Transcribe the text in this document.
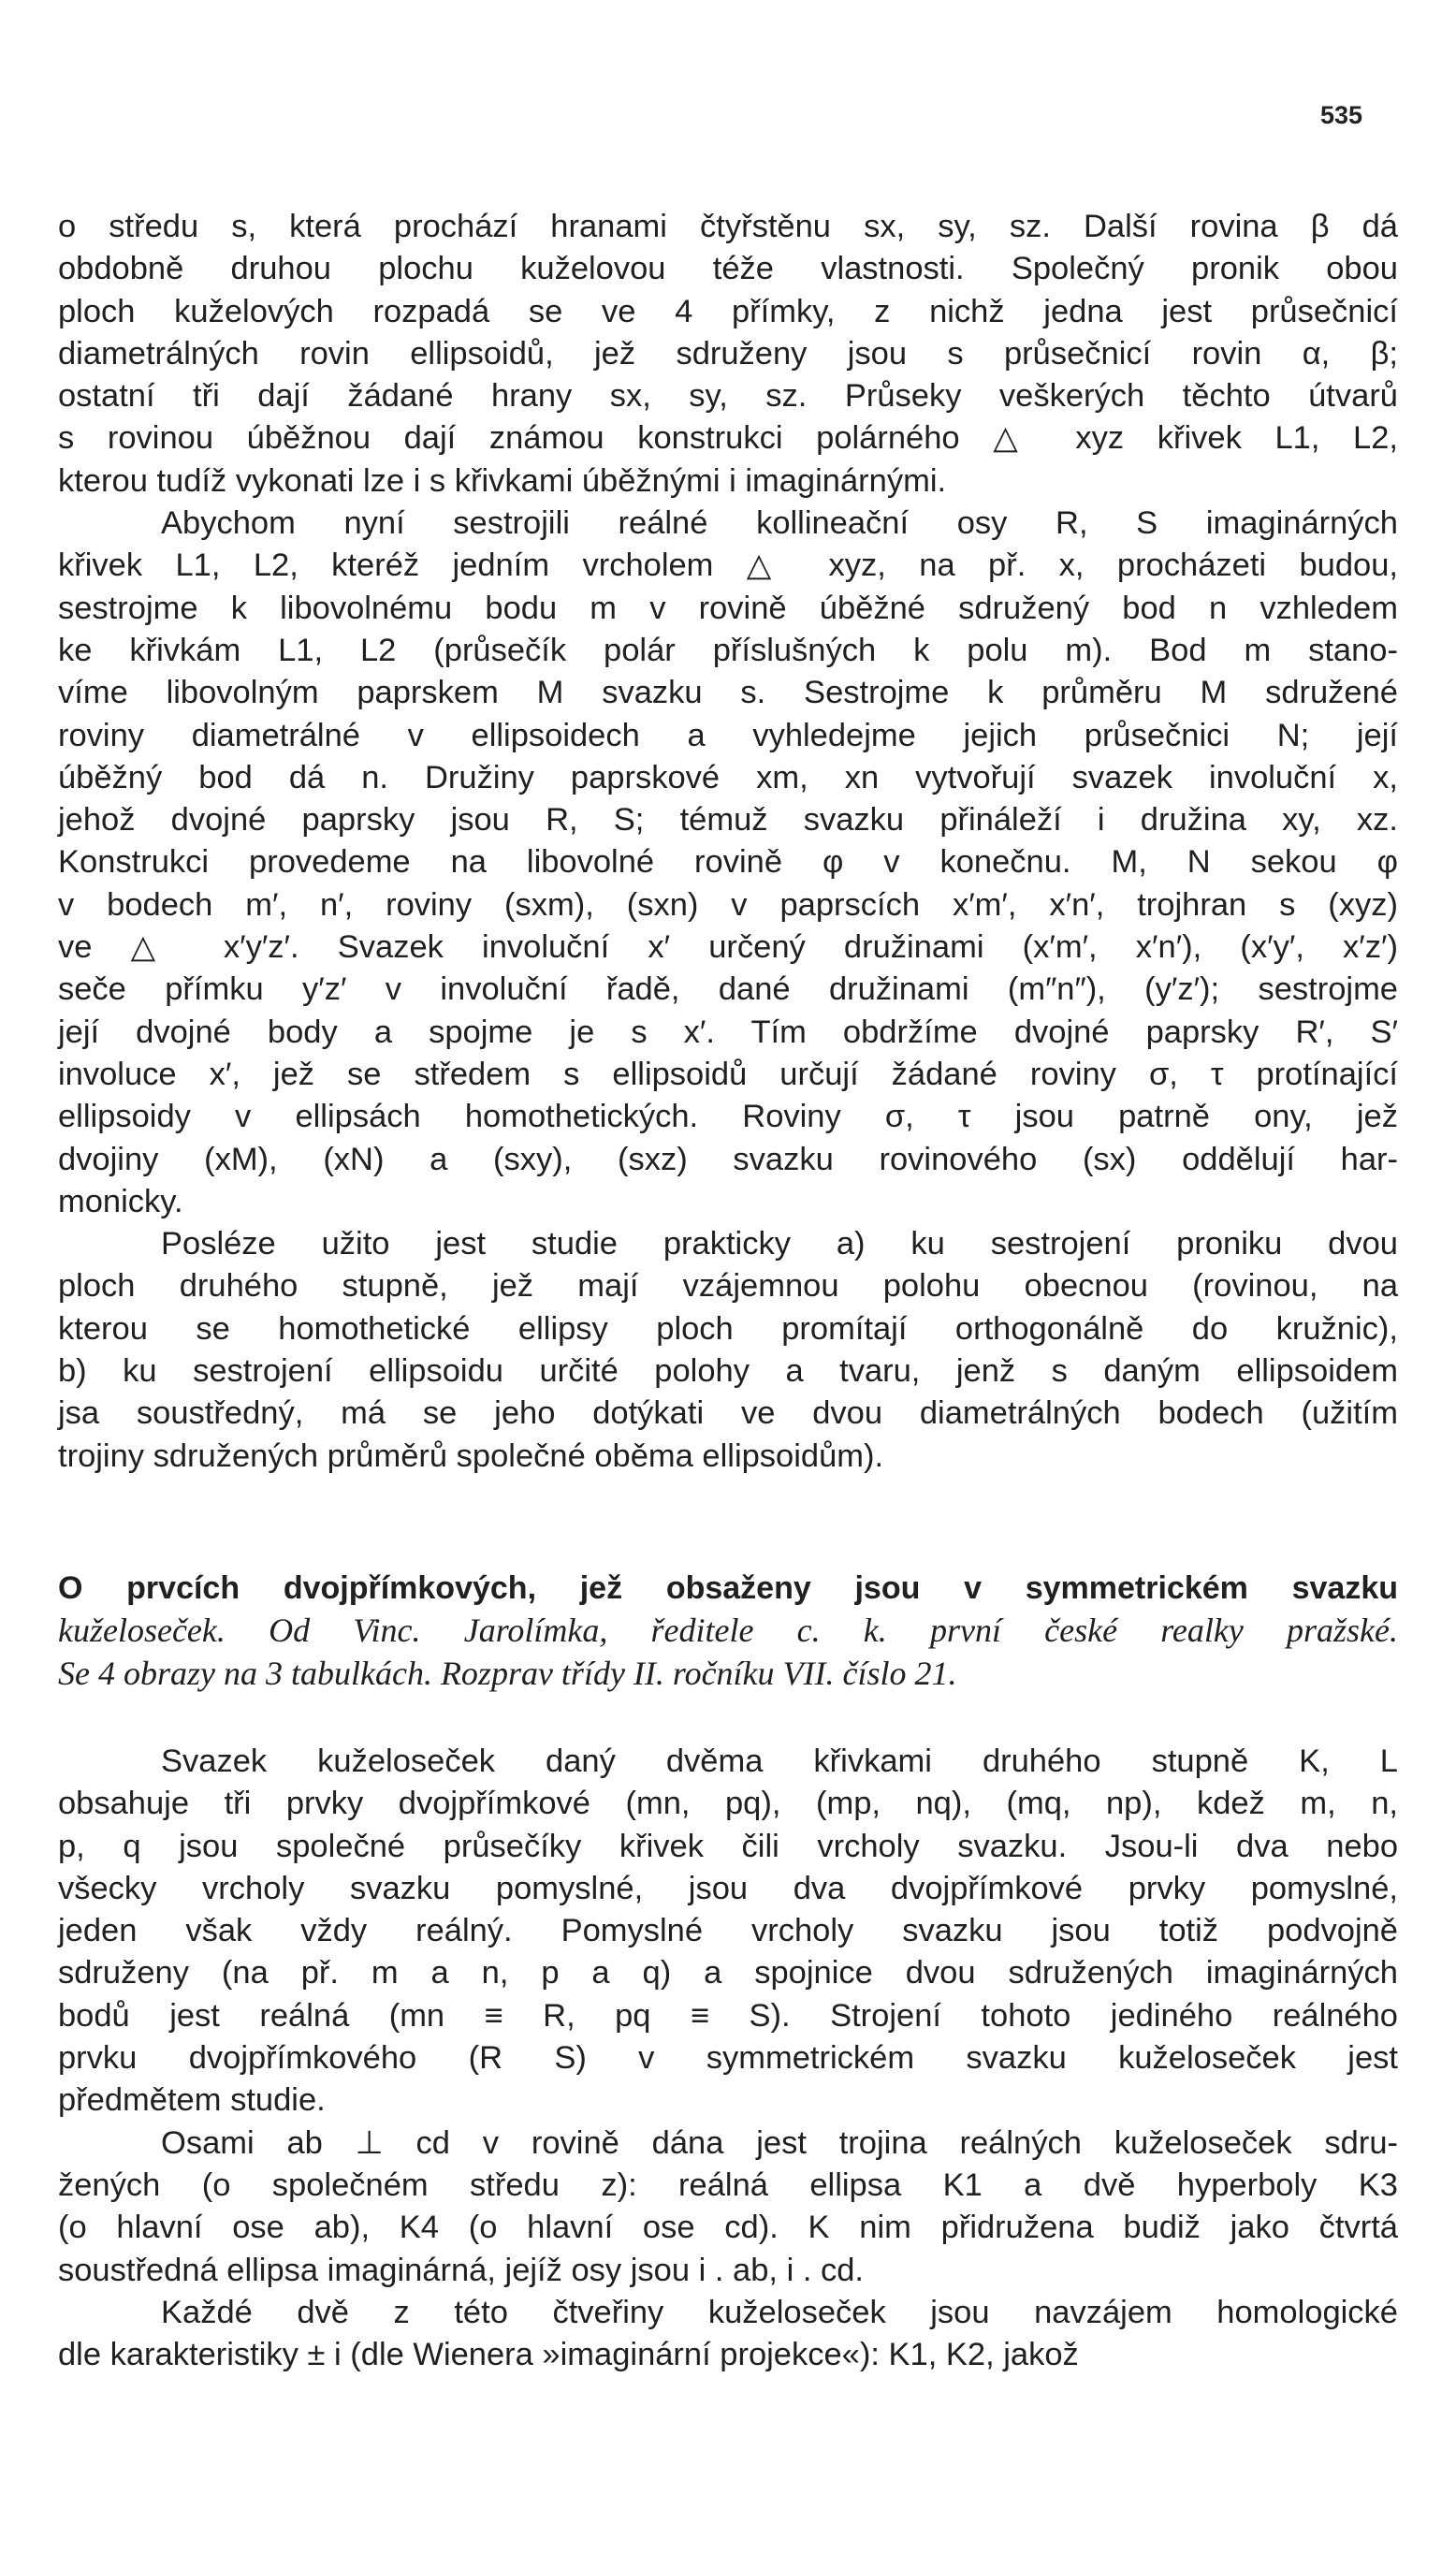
535
o středu s, která prochází hranami čtyřstěnu sx, sy, sz. Další rovina β dá
obdobně druhou plochu kuželovou téže vlastnosti. Společný pronik obou
ploch kuželových rozpadá se ve 4 přímky, z nichž jedna jest průsečnicí
diametrálných rovin ellipsoidů, jež sdruženy jsou s průsečnicí rovin α, β;
ostatní tři dají žádané hrany sx, sy, sz. Průseky veškerých těchto útvarů
s rovinou úběžnou dají známou konstrukci polárného △ xyz křivek L1, L2,
kterou tudíž vykonati lze i s křivkami úběžnými i imaginárnými.
Abychom nyní sestrojili reálné kollineační osy R, S imaginárných
křivek L1, L2, kteréž jedním vrcholem △ xyz, na př. x, procházeti budou,
sestrojme k libovolnému bodu m v rovině úběžné sdružený bod n vzhledem
ke křivkám L1, L2 (průsečík polár příslušných k polu m). Bod m stano-
víme libovolným paprskem M svazku s. Sestrojme k průměru M sdružené
roviny diametrálné v ellipsoidech a vyhledejme jejich průsečnici N; její
úběžný bod dá n. Družiny paprskové xm, xn vytvořují svazek involuční x,
jehož dvojné paprsky jsou R, S; témuž svazku přináleží i družina xy, xz.
Konstrukci provedeme na libovolné rovině φ v konečnu. M, N sekou φ
v bodech m′, n′, roviny (sxm), (sxn) v paprscích x′m′, x′n′, trojhran s (xyz)
ve △ x′y′z′. Svazek involuční x′ určený družinami (x′m′, x′n′), (x′y′, x′z′)
seče přímku y′z′ v involuční řadě, dané družinami (m″n″), (y′z′); sestrojme
její dvojné body a spojme je s x′. Tím obdržíme dvojné paprsky R′, S′
involuce x′, jež se středem s ellipsoidů určují žádané roviny σ, τ protínající
ellipsoidy v ellipsách homothetických. Roviny σ, τ jsou patrně ony, jež
dvojiny (xM), (xN) a (sxy), (sxz) svazku rovinového (sx) oddělují har-
monicky.
Posléze užito jest studie prakticky a) ku sestrojení proniku dvou
ploch druhého stupně, jež mají vzájemnou polohu obecnou (rovinou, na
kterou se homothetické ellipsy ploch promítají orthogonálně do kružnic),
b) ku sestrojení ellipsoidu určité polohy a tvaru, jenž s daným ellipsoidem
jsa soustředný, má se jeho dotýkati ve dvou diametrálných bodech (užitím
trojiny sdružených průměrů společné oběma ellipsoidům).
O prvcích dvojpřímkových, jež obsaženy jsou v symmetrickém svazku
kuželoseček. Od Vinc. Jarolímka, ředitele c. k. první české realky pražské.
Se 4 obrazy na 3 tabulkách. Rozprav třídy II. ročníku VII. číslo 21.
Svazek kuželoseček daný dvěma křivkami druhého stupně K, L
obsahuje tři prvky dvojpřímkové (mn, pq), (mp, nq), (mq, np), kdež m, n,
p, q jsou společné průsečíky křivek čili vrcholy svazku. Jsou-li dva nebo
všecky vrcholy svazku pomyslné, jsou dva dvojpřímkové prvky pomyslné,
jeden však vždy reálný. Pomyslné vrcholy svazku jsou totiž podvojně
sdruženy (na př. m a n, p a q) a spojnice dvou sdružených imaginárných
bodů jest reálná (mn ≡ R, pq ≡ S). Strojení tohoto jediného reálného
prvku dvojpřímkového (R S) v symmetrickém svazku kuželoseček jest
předmětem studie.
Osami ab ⊥ cd v rovině dána jest trojina reálných kuželoseček sdru-
žených (o společném středu z): reálná ellipsa K1 a dvě hyperboly K3
(o hlavní ose ab), K4 (o hlavní ose cd). K nim přidružena budiž jako čtvrtá
soustředná ellipsa imaginárná, jejíž osy jsou i . ab, i . cd.
Každé dvě z této čtveřiny kuželoseček jsou navzájem homologické
dle karakteristiky ± i (dle Wienera »imaginární projekce«): K1, K2, jakož
